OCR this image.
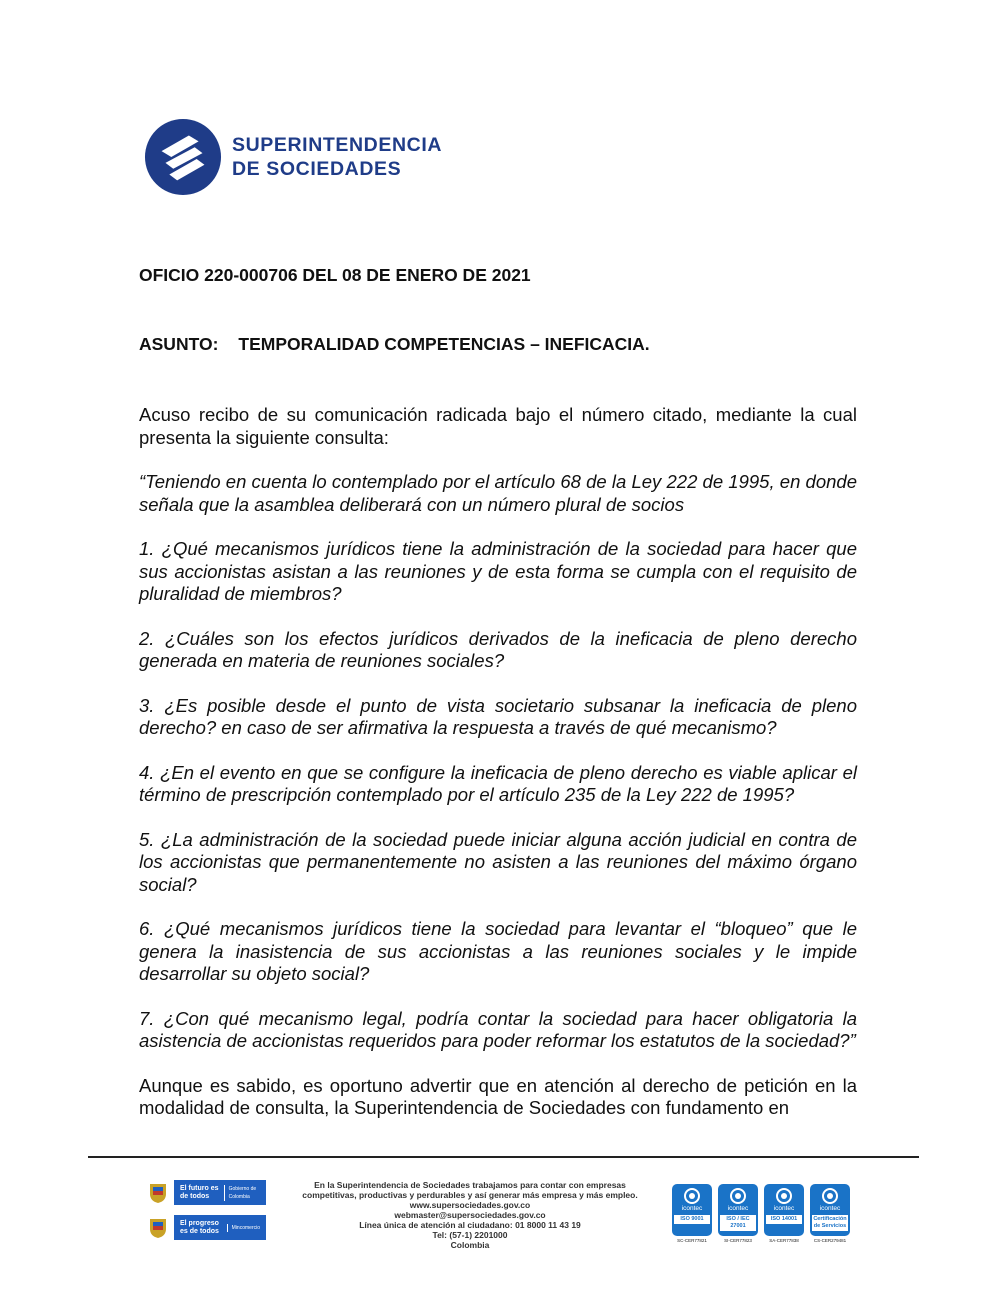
SUPERINTENDENCIA
DE SOCIEDADES

OFICIO 220-000706 DEL 08 DE ENERO DE 2021

ASUNTO: TEMPORALIDAD COMPETENCIAS – INEFICACIA.

Acuso recibo de su comunicación radicada bajo el número citado, mediante la cual presenta la siguiente consulta:

“Teniendo en cuenta lo contemplado por el artículo 68 de la Ley 222 de 1995, en donde señala que la asamblea deliberará con un número plural de socios

1. ¿Qué mecanismos jurídicos tiene la administración de la sociedad para hacer que sus accionistas asistan a las reuniones y de esta forma se cumpla con el requisito de pluralidad de miembros?

2. ¿Cuáles son los efectos jurídicos derivados de la ineficacia de pleno derecho generada en materia de reuniones sociales?

3. ¿Es posible desde el punto de vista societario subsanar la ineficacia de pleno derecho? en caso de ser afirmativa la respuesta a través de qué mecanismo?

4. ¿En el evento en que se configure la ineficacia de pleno derecho es viable aplicar el término de prescripción contemplado por el artículo 235 de la Ley 222 de 1995?

5. ¿La administración de la sociedad puede iniciar alguna acción judicial en contra de los accionistas que permanentemente no asisten a las reuniones del máximo órgano social?

6. ¿Qué mecanismos jurídicos tiene la sociedad para levantar el “bloqueo” que le genera la inasistencia de sus accionistas a las reuniones sociales y le impide desarrollar su objeto social?

7. ¿Con qué mecanismo legal, podría contar la sociedad para hacer obligatoria la asistencia de accionistas requeridos para poder reformar los estatutos de la sociedad?”

Aunque es sabido, es oportuno advertir que en atención al derecho de petición en la modalidad de consulta, la Superintendencia de Sociedades con fundamento en

El futuro es de todos
Gobierno de Colombia
El progreso es de todos	Mincomercio
En la Superintendencia de Sociedades trabajamos para contar con empresas
competitivas, productivas y perdurables y así generar más empresa y más empleo.
www.supersociedades.gov.co
webmaster@supersociedades.gov.co
Línea única de atención al ciudadano: 01 8000 11 43 19
Tel: (57-1) 2201000
Colombia
icontec
ISO 9001
SC-CER77821
icontec
ISO / IEC 27001
SI-CER77823
icontec
ISO 14001
SA-CER77838
icontec
Certificación de Servicios
CS-CER279481
